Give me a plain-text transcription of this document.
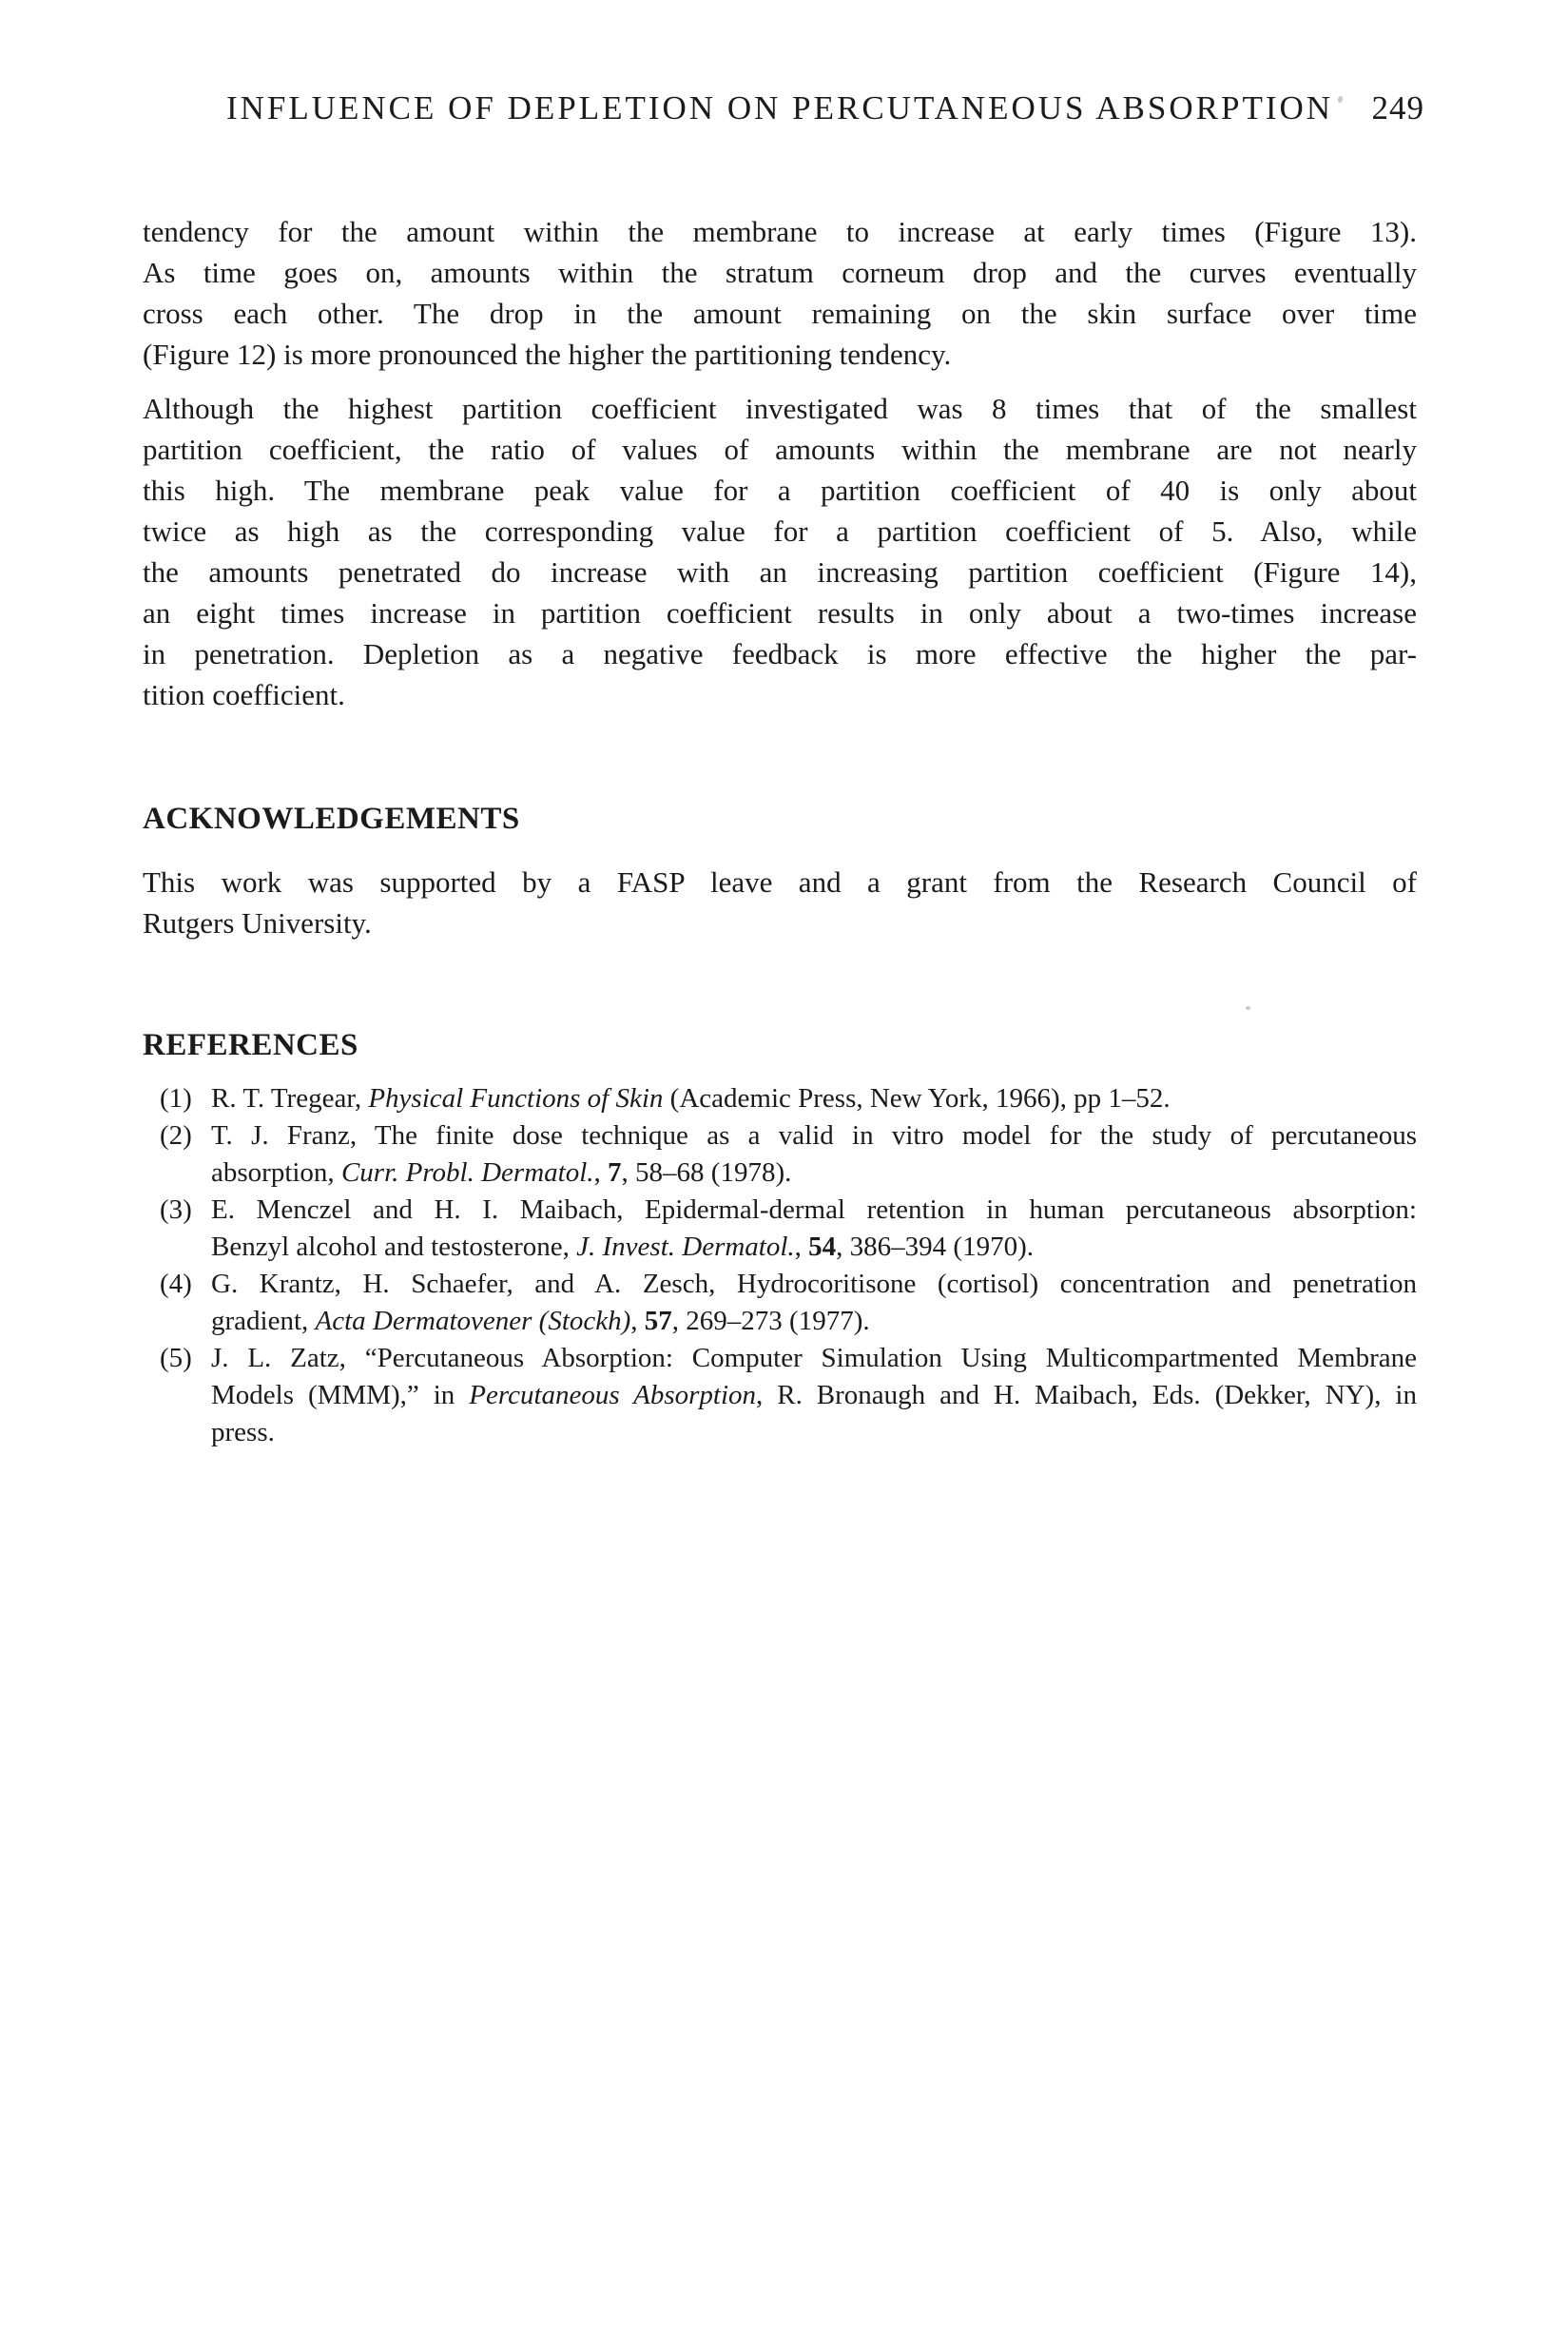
INFLUENCE OF DEPLETION ON PERCUTANEOUS ABSORPTION	249
tendency for the amount within the membrane to increase at early times (Figure 13).
As time goes on, amounts within the stratum corneum drop and the curves eventually
cross each other. The drop in the amount remaining on the skin surface over time
(Figure 12) is more pronounced the higher the partitioning tendency.
Although the highest partition coefficient investigated was 8 times that of the smallest
partition coefficient, the ratio of values of amounts within the membrane are not nearly
this high. The membrane peak value for a partition coefficient of 40 is only about
twice as high as the corresponding value for a partition coefficient of 5. Also, while
the amounts penetrated do increase with an increasing partition coefficient (Figure 14),
an eight times increase in partition coefficient results in only about a two-times increase
in penetration. Depletion as a negative feedback is more effective the higher the par-
tition coefficient.
ACKNOWLEDGEMENTS
This work was supported by a FASP leave and a grant from the Research Council of
Rutgers University.
REFERENCES
(1) R. T. Tregear, Physical Functions of Skin (Academic Press, New York, 1966), pp 1–52.
(2) T. J. Franz, The finite dose technique as a valid in vitro model for the study of percutaneous
absorption, Curr. Probl. Dermatol., 7, 58–68 (1978).
(3) E. Menczel and H. I. Maibach, Epidermal-dermal retention in human percutaneous absorption:
Benzyl alcohol and testosterone, J. Invest. Dermatol., 54, 386–394 (1970).
(4) G. Krantz, H. Schaefer, and A. Zesch, Hydrocoritisone (cortisol) concentration and penetration
gradient, Acta Dermatovener (Stockh), 57, 269–273 (1977).
(5) J. L. Zatz, “Percutaneous Absorption: Computer Simulation Using Multicompartmented Membrane
Models (MMM),” in Percutaneous Absorption, R. Bronaugh and H. Maibach, Eds. (Dekker, NY), in
press.
